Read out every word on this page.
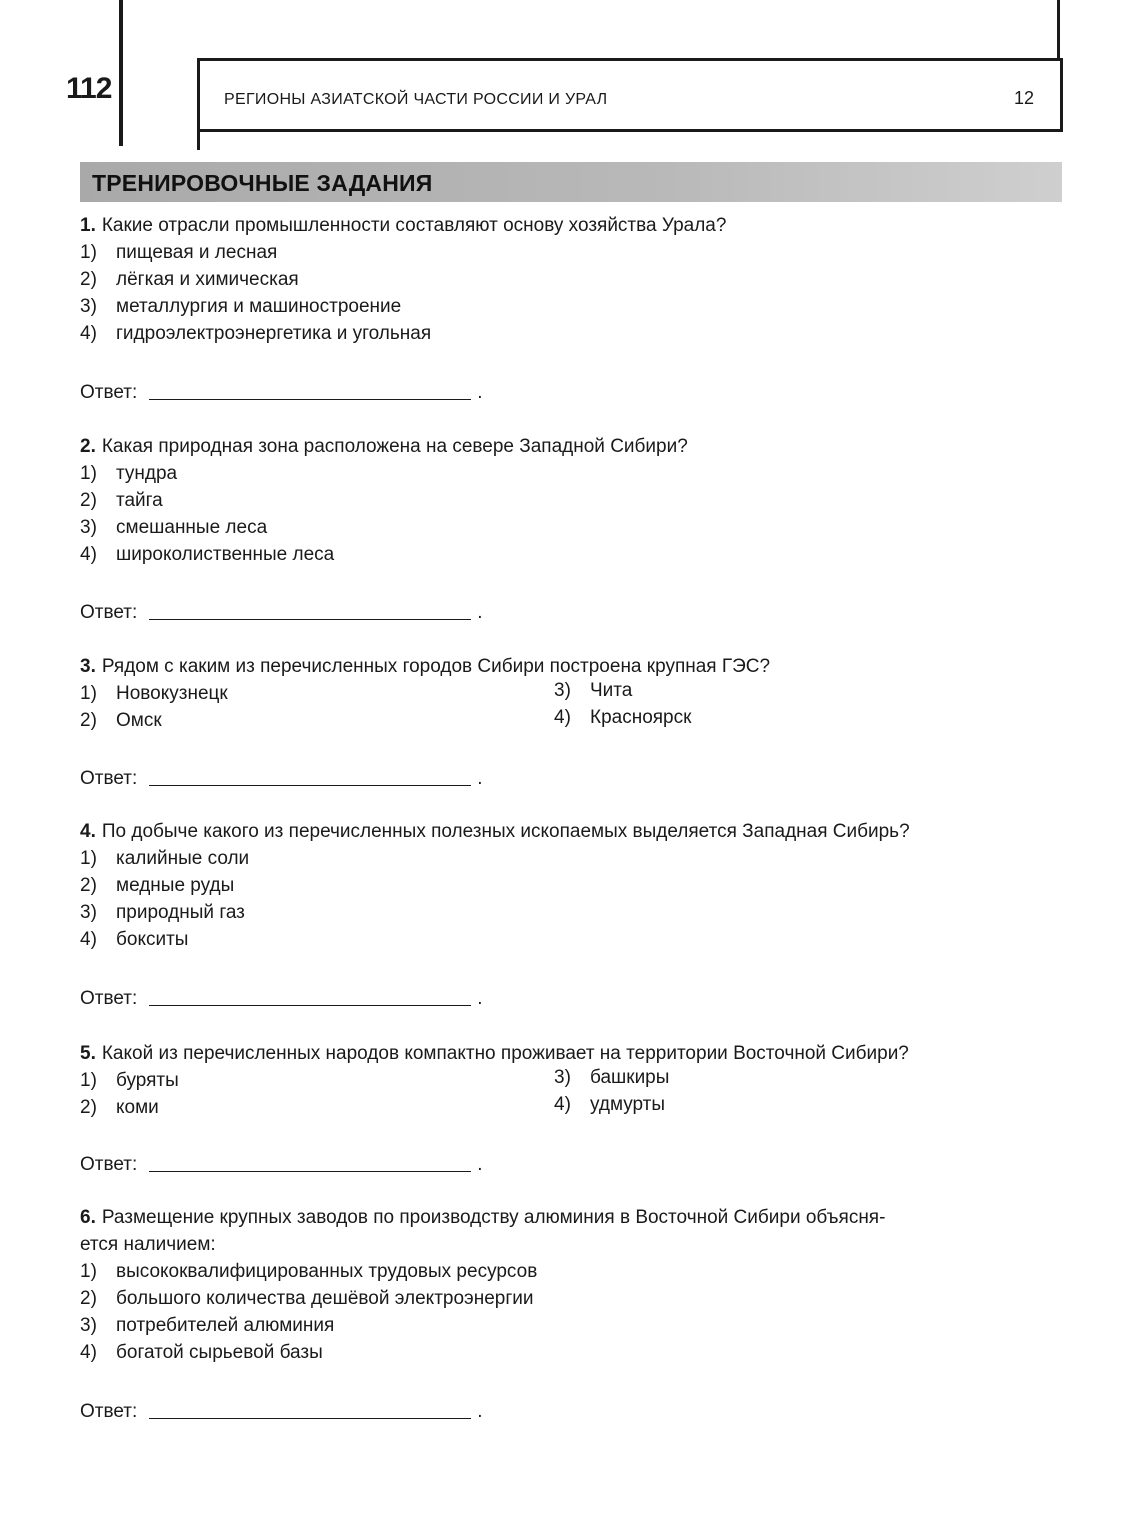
112	РЕГИОНЫ АЗИАТСКОЙ ЧАСТИ РОССИИ И УРАЛ	12
ТРЕНИРОВОЧНЫЕ ЗАДАНИЯ

1. Какие отрасли промышленности составляют основу хозяйства Урала?

1)	пищевая и лесная

2)	лёгкая и химическая

3)	металлургия и машиностроение

4)	гидроэлектроэнергетика и угольная

Ответ:	.

2. Какая природная зона расположена на севере Западной Сибири?

1)	тундра

2)	тайга

3)	смешанные леса

4)	широколиственные леса

Ответ:	.

3. Рядом с каким из перечисленных городов Сибири построена крупная ГЭС?

1)	Новокузнецк

2)	Омск

3)	Чита

4)	Красноярск

Ответ:	.

4. По добыче какого из перечисленных полезных ископаемых выделяется Западная Сибирь?

1)	калийные соли

2)	медные руды

3)	природный газ

4)	бокситы

Ответ:	.

5. Какой из перечисленных народов компактно проживает на территории Восточной Сибири?

1)	буряты

2)	коми

3)	башкиры

4)	удмурты

Ответ:	.

6. Размещение крупных заводов по производству алюминия в Восточной Сибири объясня-

ется наличием:

1)	высококвалифицированных трудовых ресурсов

2)	большого количества дешёвой электроэнергии

3)	потребителей алюминия

4)	богатой сырьевой базы

Ответ:	.
